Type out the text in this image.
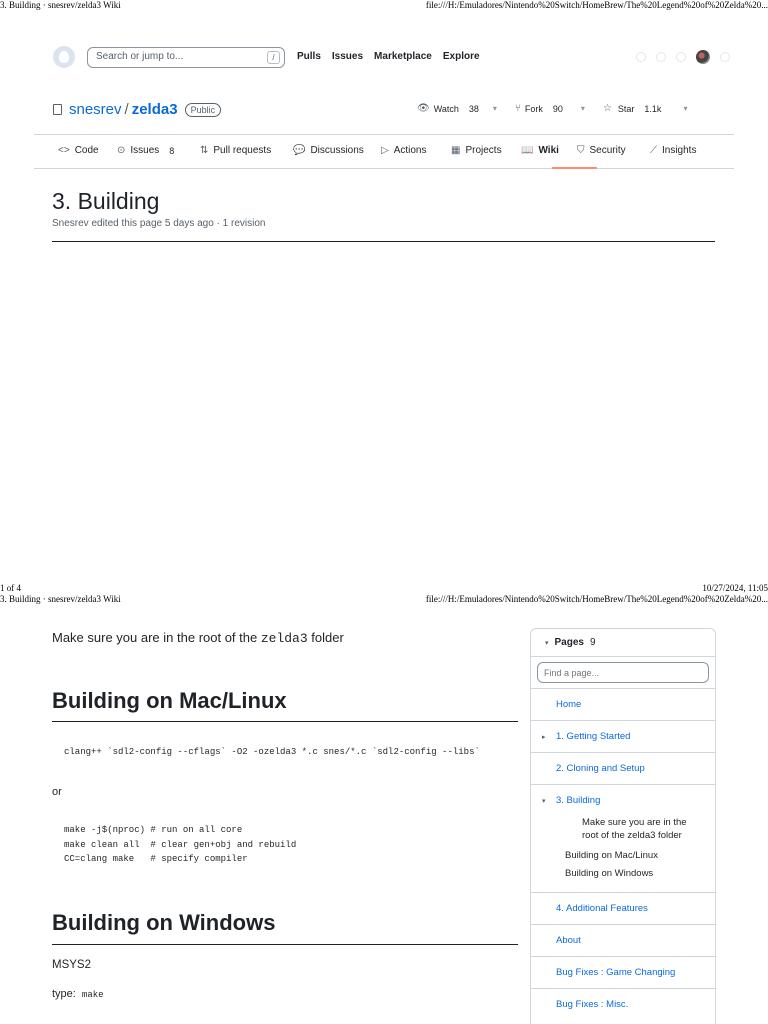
3. Building · snesrev/zelda3 Wiki	file:///H:/Emuladores/Nintendo%20Switch/HomeBrew/The%20Legend%20of%20Zelda%20...
Search or jump to...	/	Pulls Issues Marketplace Explore
snesrev / zelda3	Public	👁 Watch 38 ▾ ⑂ Fork 90 ▾ ☆ Star 1.1k	▾
<> Code ⊙ Issues 8	⇅ Pull requests 💬 Discussions ▷ Actions ▦ Projects 📖 Wiki ⛉ Security ⟋ Insights
3. Building
Snesrev edited this page 5 days ago · 1 revision
1 of 4	10/27/2024, 11:05
3. Building · snesrev/zelda3 Wiki	file:///H:/Emuladores/Nintendo%20Switch/HomeBrew/The%20Legend%20of%20Zelda%20...
Make sure you are in the root of the zelda3 folder
Building on Mac/Linux
clang++ `sdl2-config --cflags` -O2 -ozelda3 *.c snes/*.c `sdl2-config --libs`
or
make -j$(nproc) # run on all core
make clean all  # clear gen+obj and rebuild
CC=clang make   # specify compiler
Building on Windows
MSYS2
type: make
▾ Pages 9
Find a page...
Home
▸ 1. Getting Started
2. Cloning and Setup
▾ 3. Building
Make sure you are in the root of the zelda3 folder
Building on Mac/Linux
Building on Windows
4. Additional Features
About
Bug Fixes : Game Changing
Bug Fixes : Misc.
